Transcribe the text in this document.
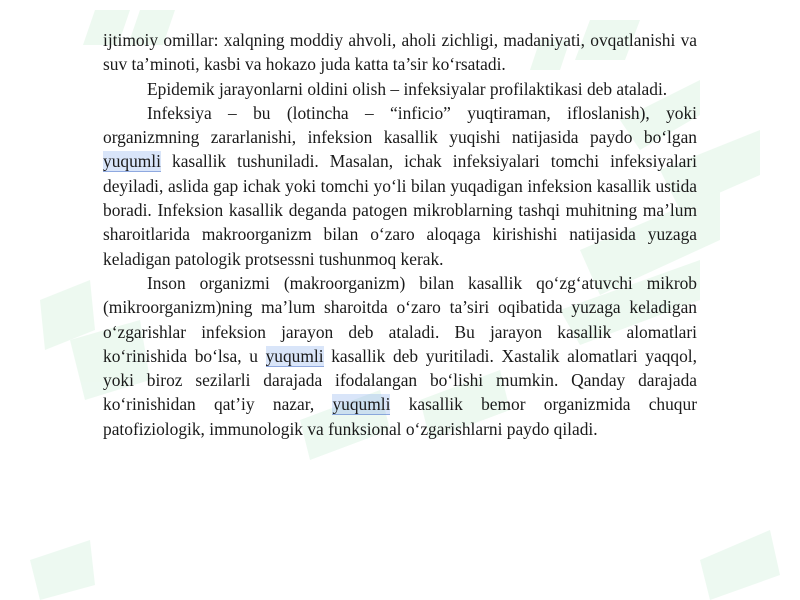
ijtimoiy omillar: xalqning moddiy ahvoli, aholi zichligi, madaniyati, ovqatlanishi va suv ta’minoti, kasbi va hokazo juda katta ta’sir ko‘rsatadi.

Epidemik jarayonlarni oldini olish – infeksiyalar profilaktikasi deb ataladi.

Infeksiya – bu (lotincha – “inficio” yuqtiraman, ifloslanish), yoki organizmning zararlanishi, infeksion kasallik yuqishi natijasida paydo bo‘lgan yuqumli kasallik tushuniladi. Masalan, ichak infeksiyalari tomchi infeksiyalari deyiladi, aslida gap ichak yoki tomchi yo‘li bilan yuqadigan infeksion kasallik ustida boradi. Infeksion kasallik deganda patogen mikroblarning tashqi muhitning ma’lum sharoitlarida makroorganizm bilan o‘zaro aloqaga kirishishi natijasida yuzaga keladigan patologik protsessni tushunmoq kerak.

Inson organizmi (makroorganizm) bilan kasallik qo‘zg‘atuvchi mikrob (mikroorganizm)ning ma’lum sharoitda o‘zaro ta’siri oqibatida yuzaga keladigan o‘zgarishlar infeksion jarayon deb ataladi. Bu jarayon kasallik alomatlari ko‘rinishida bo‘lsa, u yuqumli kasallik deb yuritiladi. Xastalik alomatlari yaqqol, yoki biroz sezilarli darajada ifodalangan bo‘lishi mumkin. Qanday darajada ko‘rinishidan qat’iy nazar, yuqumli kasallik bemor organizmida chuqur patofiziologik, immunologik va funksional o‘zgarishlarni paydo qiladi.
